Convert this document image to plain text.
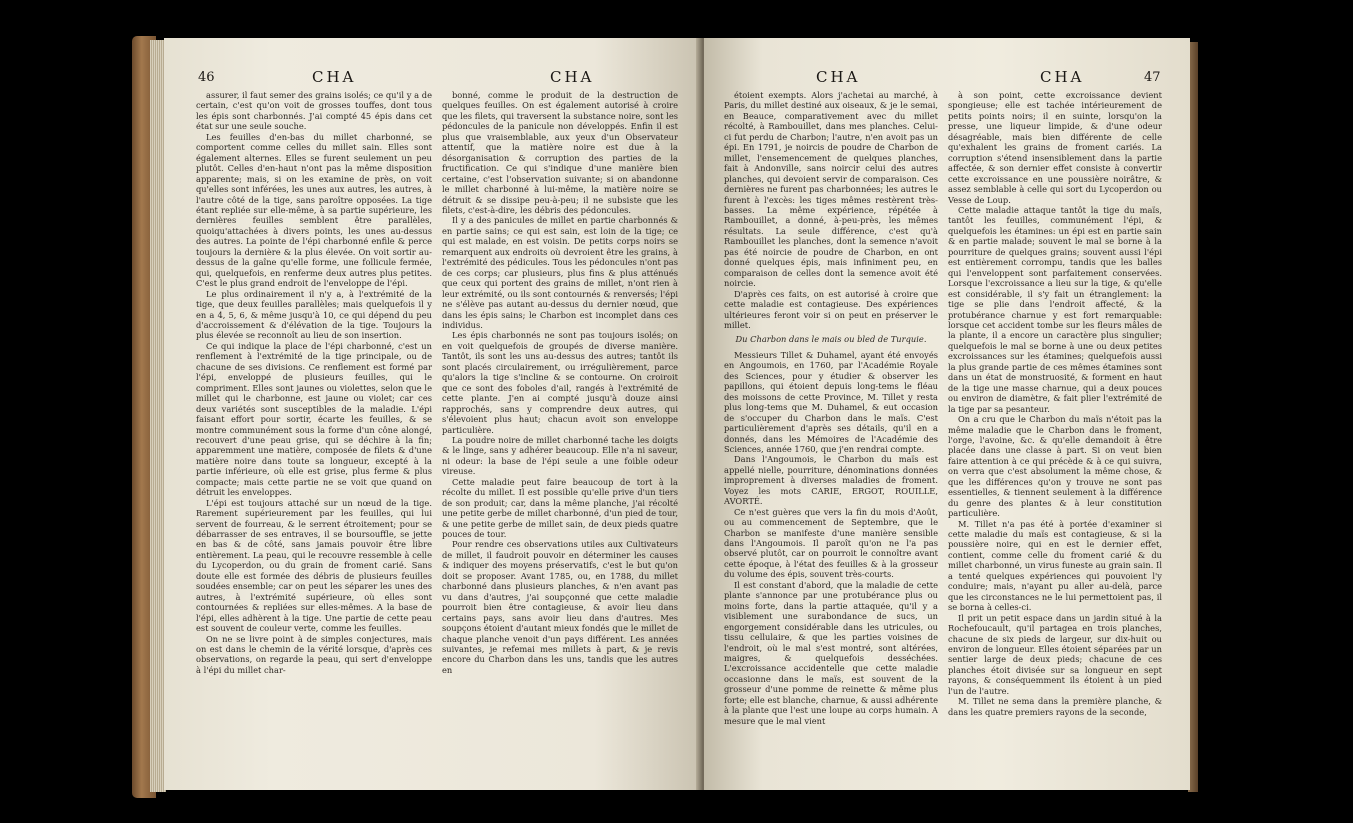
46	CHA	CHA

assurer, il faut semer des grains isolés; ce qu'il y a de certain, c'est qu'on voit de grosses touffes, dont tous les épis sont charbonnés. J'ai compté 45 épis dans cet état sur une seule souche.

Les feuilles d'en-bas du millet charbonné, se comportent comme celles du millet sain. Elles sont également alternes. Elles se furent seulement un peu plutôt. Celles d'en-haut n'ont pas la même disposition apparente; mais, si on les examine de près, on voit qu'elles sont inférées, les unes aux autres, les autres, à l'autre côté de la tige, sans paroître opposées. La tige étant repliée sur elle-même, à sa partie supérieure, les dernières feuilles semblent être parallèles, quoiqu'attachées à divers points, les unes au-dessus des autres. La pointe de l'épi charbonné enfile & perce toujours la dernière & la plus élevée. On voit sortir au-dessus de la gaîne qu'elle forme, une follicule fermée, qui, quelquefois, en renferme deux autres plus petites. C'est le plus grand endroit de l'enveloppe de l'épi.

Le plus ordinairement il n'y a, à l'extrémité de la tige, que deux feuilles parallèles; mais quelquefois il y en a 4, 5, 6, & même jusqu'à 10, ce qui dépend du peu d'accroissement & d'élévation de la tige. Toujours la plus élevée se reconnoît au lieu de son insertion.

Ce qui indique la place de l'épi charbonné, c'est un renflement à l'extrémité de la tige principale, ou de chacune de ses divisions. Ce renflement est formé par l'épi, enveloppé de plusieurs feuilles, qui le compriment. Elles sont jaunes ou violettes, selon que le millet qui le charbonne, est jaune ou violet; car ces deux variétés sont susceptibles de la maladie. L'épi faisant effort pour sortir, écarte les feuilles, & se montre communément sous la forme d'un cône alongé, recouvert d'une peau grise, qui se déchire à la fin; apparemment une matière, composée de filets & d'une matière noire dans toute sa longueur, excepté à la partie inférieure, où elle est grise, plus ferme & plus compacte; mais cette partie ne se voit que quand on détruit les enveloppes.

L'épi est toujours attaché sur un nœud de la tige. Rarement supérieurement par les feuilles, qui lui servent de fourreau, & le serrent étroitement; pour se débarrasser de ses entraves, il se boursouffle, se jette en bas & de côté, sans jamais pouvoir être libre entièrement. La peau, qui le recouvre ressemble à celle du Lycoperdon, ou du grain de froment carié. Sans doute elle est formée des débris de plusieurs feuilles soudées ensemble; car on peut les séparer les unes des autres, à l'extrémité supérieure, où elles sont contournées & repliées sur elles-mêmes. A la base de l'épi, elles adhèrent à la tige. Une partie de cette peau est souvent de couleur verte, comme les feuilles.

On ne se livre point à de simples conjectures, mais on est dans le chemin de la vérité lorsque, d'après ces observations, on regarde la peau, qui sert d'enveloppe à l'épi du millet char-

bonné, comme le produit de la destruction de quelques feuilles. On est également autorisé à croire que les filets, qui traversent la substance noire, sont les pédoncules de la panicule non développés. Enfin il est plus que vraisemblable, aux yeux d'un Observateur attentif, que la matière noire est due à la désorganisation & corruption des parties de la fructification. Ce qui s'indique d'une manière bien certaine, c'est l'observation suivante; si on abandonne le millet charbonné à lui-même, la matière noire se détruit & se dissipe peu-à-peu; il ne subsiste que les filets, c'est-à-dire, les débris des pédoncules.

Il y a des panicules de millet en partie charbonnés & en partie sains; ce qui est sain, est loin de la tige; ce qui est malade, en est voisin. De petits corps noirs se remarquent aux endroits où devroient être les grains, à l'extrémité des pédicules. Tous les pédoncules n'ont pas de ces corps; car plusieurs, plus fins & plus atténués que ceux qui portent des grains de millet, n'ont rien à leur extrémité, ou ils sont contournés & renversés; l'épi ne s'élève pas autant au-dessus du dernier nœud, que dans les épis sains; le Charbon est incomplet dans ces individus.

Les épis charbonnés ne sont pas toujours isolés; on en voit quelquefois de groupés de diverse manière. Tantôt, ils sont les uns au-dessus des autres; tantôt ils sont placés circulairement, ou irrégulièrement, parce qu'alors la tige s'incline & se contourne. On croiroit que ce sont des foboles d'ail, rangés à l'extrémité de cette plante. J'en ai compté jusqu'à douze ainsi rapprochés, sans y comprendre deux autres, qui s'élevoient plus haut; chacun avoit son enveloppe particulière.

La poudre noire de millet charbonné tache les doigts & le linge, sans y adhérer beaucoup. Elle n'a ni saveur, ni odeur: la base de l'épi seule a une foible odeur vireuse.

Cette maladie peut faire beaucoup de tort à la récolte du millet. Il est possible qu'elle prive d'un tiers de son produit; car, dans la même planche, j'ai récolté une petite gerbe de millet charbonné, d'un pied de tour, & une petite gerbe de millet sain, de deux pieds quatre pouces de tour.

Pour rendre ces observations utiles aux Cultivateurs de millet, il faudroit pouvoir en déterminer les causes & indiquer des moyens préservatifs, c'est le but qu'on doit se proposer. Avant 1785, ou, en 1788, du millet charbonné dans plusieurs planches, & n'en avant pas vu dans d'autres, j'ai soupçonné que cette maladie pourroit bien être contagieuse, & avoir lieu dans certains pays, sans avoir lieu dans d'autres. Mes soupçons étoient d'autant mieux fondés que le millet de chaque planche venoit d'un pays différent. Les années suivantes, je refemai mes millets à part, & je revis encore du Charbon dans les uns, tandis que les autres en

CHA	CHA	47

étoient exempts. Alors j'achetai au marché, à Paris, du millet destiné aux oiseaux, & je le semai, en Beauce, comparativement avec du millet récolté, à Rambouillet, dans mes planches. Celui-ci fut perdu de Charbon; l'autre, n'en avoit pas un épi. En 1791, je noircis de poudre de Charbon de millet, l'ensemencement de quelques planches, fait à Andonville, sans noircir celui des autres planches, qui devoient servir de comparaison. Ces dernières ne furent pas charbonnées; les autres le furent à l'excès: les tiges mêmes restèrent très-basses. La même expérience, répétée à Rambouillet, a donné, à-peu-près, les mêmes résultats. La seule différence, c'est qu'à Rambouillet les planches, dont la semence n'avoit pas été noircie de poudre de Charbon, en ont donné quelques épis, mais infiniment peu, en comparaison de celles dont la semence avoit été noircie.

D'après ces faits, on est autorisé à croire que cette maladie est contagieuse. Des expériences ultérieures feront voir si on peut en préserver le millet.

Du Charbon dans le mais ou bled de Turquie.

Messieurs Tillet & Duhamel, ayant été envoyés en Angoumois, en 1760, par l'Académie Royale des Sciences, pour y étudier & observer les papillons, qui étoient depuis long-tems le fléau des moissons de cette Province, M. Tillet y resta plus long-tems que M. Duhamel, & eut occasion de s'occuper du Charbon dans le maïs. C'est particulièrement d'après ses détails, qu'il en a donnés, dans les Mémoires de l'Académie des Sciences, année 1760, que j'en rendrai compte.

Dans l'Angoumois, le Charbon du maïs est appellé nielle, pourriture, dénominations données improprement à diverses maladies de froment. Voyez les mots CARIE, ERGOT, ROUILLE, AVORTÉ.

Ce n'est guères que vers la fin du mois d'Août, ou au commencement de Septembre, que le Charbon se manifeste d'une manière sensible dans l'Angoumois. Il paroît qu'on ne l'a pas observé plutôt, car on pourroit le connoître avant cette époque, à l'état des feuilles & à la grosseur du volume des épis, souvent très-courts.

Il est constant d'abord, que la maladie de cette plante s'annonce par une protubérance plus ou moins forte, dans la partie attaquée, qu'il y a visiblement une surabondance de sucs, un engorgement considérable dans les utricules, ou tissu cellulaire, & que les parties voisines de l'endroit, où le mal s'est montré, sont altérées, maigres, & quelquefois desséchées. L'excroissance accidentelle que cette maladie occasionne dans le maïs, est souvent de la grosseur d'une pomme de reinette & même plus forte; elle est blanche, charnue, & aussi adhérente à la plante que l'est une loupe au corps humain. A mesure que le mal vient

à son point, cette excroissance devient spongieuse; elle est tachée intérieurement de petits points noirs; il en suinte, lorsqu'on la presse, une liqueur limpide, & d'une odeur désagréable, mais bien différente de celle qu'exhalent les grains de froment cariés. La corruption s'étend insensiblement dans la partie affectée, & son dernier effet consiste à convertir cette excroissance en une poussière noirâtre, & assez semblable à celle qui sort du Lycoperdon ou Vesse de Loup.

Cette maladie attaque tantôt la tige du maïs, tantôt les feuilles, communément l'épi, & quelquefois les étamines: un épi est en partie sain & en partie malade; souvent le mal se borne à la pourriture de quelques grains; souvent aussi l'épi est entièrement corrompu, tandis que les balles qui l'enveloppent sont parfaitement conservées. Lorsque l'excroissance a lieu sur la tige, & qu'elle est considérable, il s'y fait un étranglement: la tige se plie dans l'endroit affecté, & la protubérance charnue y est fort remarquable: lorsque cet accident tombe sur les fleurs mâles de la plante, il a encore un caractère plus singulier; quelquefois le mal se borne à une ou deux petites excroissances sur les étamines; quelquefois aussi la plus grande partie de ces mêmes étamines sont dans un état de monstruosité, & forment en haut de la tige une masse charnue, qui a deux pouces ou environ de diamètre, & fait plier l'extrémité de la tige par sa pesanteur.

On a cru que le Charbon du maïs n'étoit pas la même maladie que le Charbon dans le froment, l'orge, l'avoine, &c. & qu'elle demandoit à être placée dans une classe à part. Si on veut bien faire attention à ce qui précède & à ce qui suivra, on verra que c'est absolument la même chose, & que les différences qu'on y trouve ne sont pas essentielles, & tiennent seulement à la différence du genre des plantes & à leur constitution particulière.

M. Tillet n'a pas été à portée d'examiner si cette maladie du maïs est contagieuse, & si la poussière noire, qui en est le dernier effet, contient, comme celle du froment carié & du millet charbonné, un virus funeste au grain sain. Il a tenté quelques expériences qui pouvoient l'y conduire; mais, n'ayant pu aller au-delà, parce que les circonstances ne le lui permettoient pas, il se borna à celles-ci.

Il prit un petit espace dans un jardin situé à la Rochefoucault, qu'il partagea en trois planches, chacune de six pieds de largeur, sur dix-huit ou environ de longueur. Elles étoient séparées par un sentier large de deux pieds; chacune de ces planches étoit divisée sur sa longueur en sept rayons, & conséquemment ils étoient à un pied l'un de l'autre.

M. Tillet ne sema dans la première planche, & dans les quatre premiers rayons de la seconde,
